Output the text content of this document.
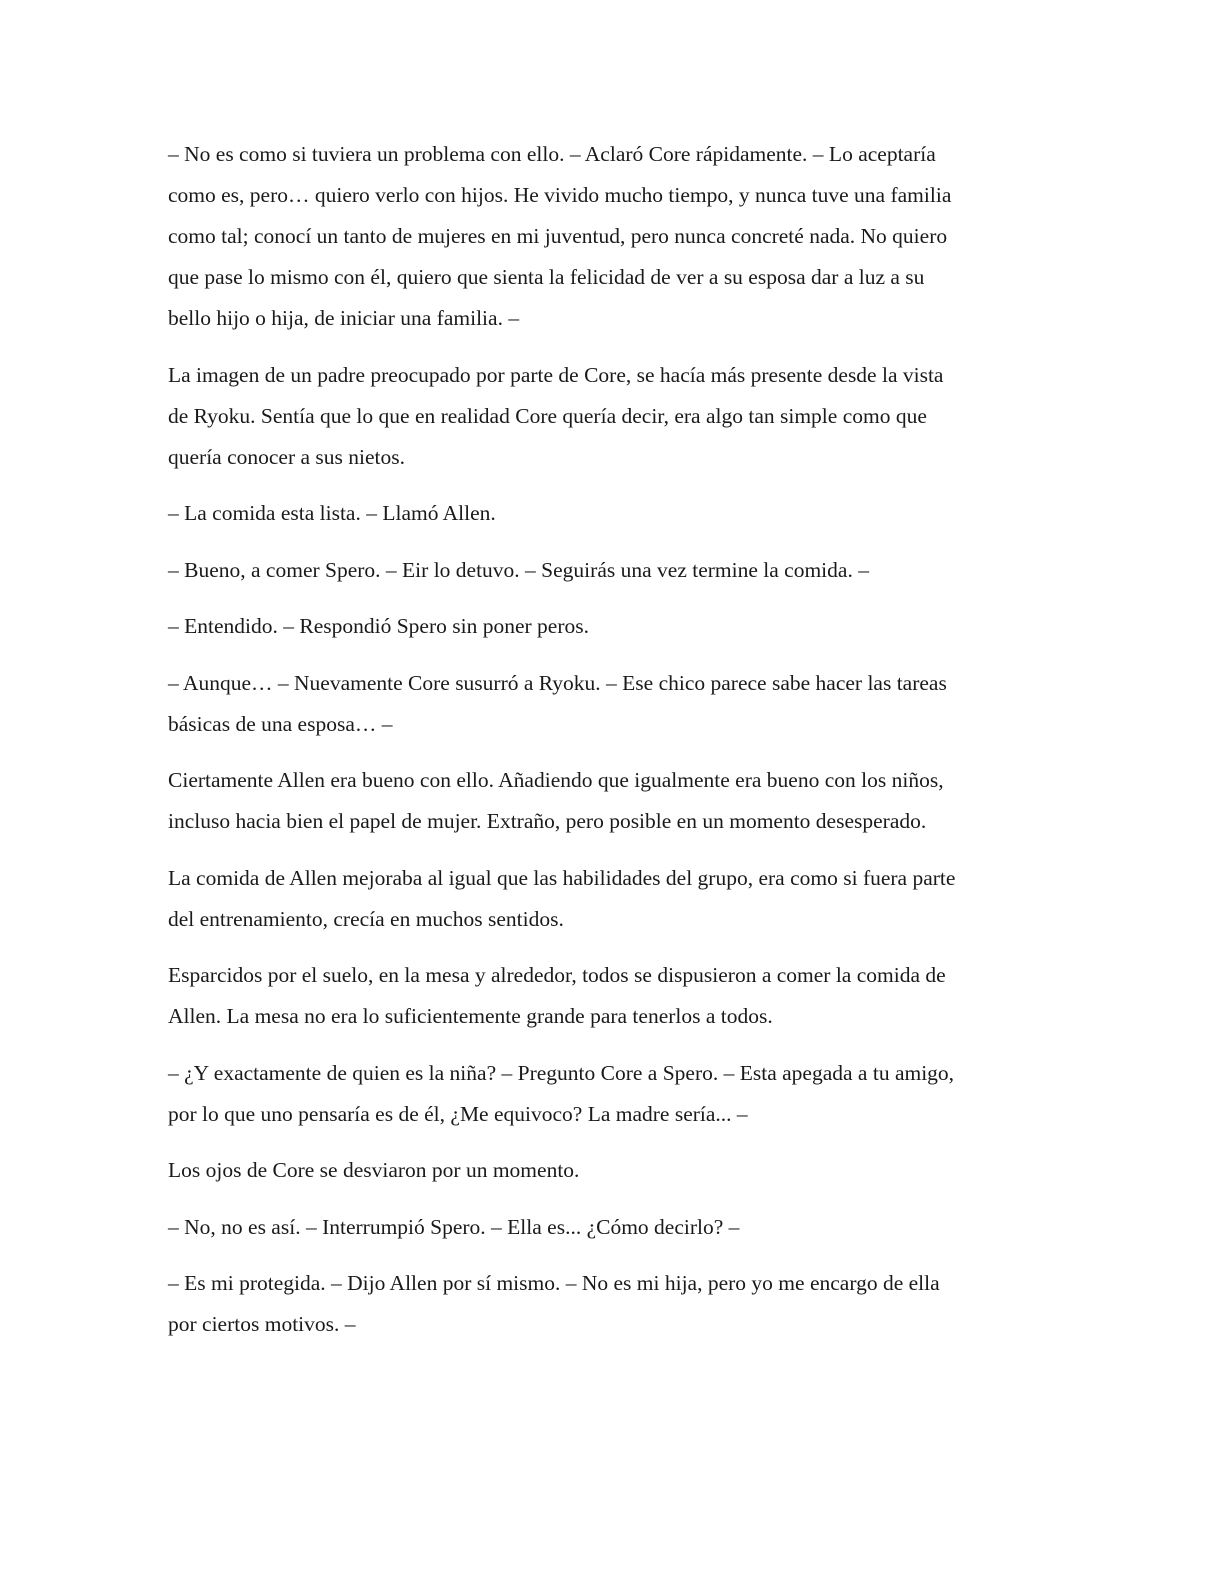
– No es como si tuviera un problema con ello. – Aclaró Core rápidamente. – Lo aceptaría
como es, pero… quiero verlo con hijos. He vivido mucho tiempo, y nunca tuve una familia
como tal; conocí un tanto de mujeres en mi juventud, pero nunca concreté nada. No quiero
que pase lo mismo con él, quiero que sienta la felicidad de ver a su esposa dar a luz a su
bello hijo o hija, de iniciar una familia. –

La imagen de un padre preocupado por parte de Core, se hacía más presente desde la vista
de Ryoku. Sentía que lo que en realidad Core quería decir, era algo tan simple como que
quería conocer a sus nietos.

– La comida esta lista. – Llamó Allen.

– Bueno, a comer Spero. – Eir lo detuvo. – Seguirás una vez termine la comida. –

– Entendido. – Respondió Spero sin poner peros.

– Aunque… – Nuevamente Core susurró a Ryoku. – Ese chico parece sabe hacer las tareas
básicas de una esposa… –

Ciertamente Allen era bueno con ello. Añadiendo que igualmente era bueno con los niños,
incluso hacia bien el papel de mujer. Extraño, pero posible en un momento desesperado.

La comida de Allen mejoraba al igual que las habilidades del grupo, era como si fuera parte
del entrenamiento, crecía en muchos sentidos.

Esparcidos por el suelo, en la mesa y alrededor, todos se dispusieron a comer la comida de
Allen. La mesa no era lo suficientemente grande para tenerlos a todos.

– ¿Y exactamente de quien es la niña? – Pregunto Core a Spero. – Esta apegada a tu amigo,
por lo que uno pensaría es de él, ¿Me equivoco? La madre sería... –

Los ojos de Core se desviaron por un momento.

– No, no es así. – Interrumpió Spero. – Ella es... ¿Cómo decirlo? –

– Es mi protegida. – Dijo Allen por sí mismo. – No es mi hija, pero yo me encargo de ella
por ciertos motivos. –
